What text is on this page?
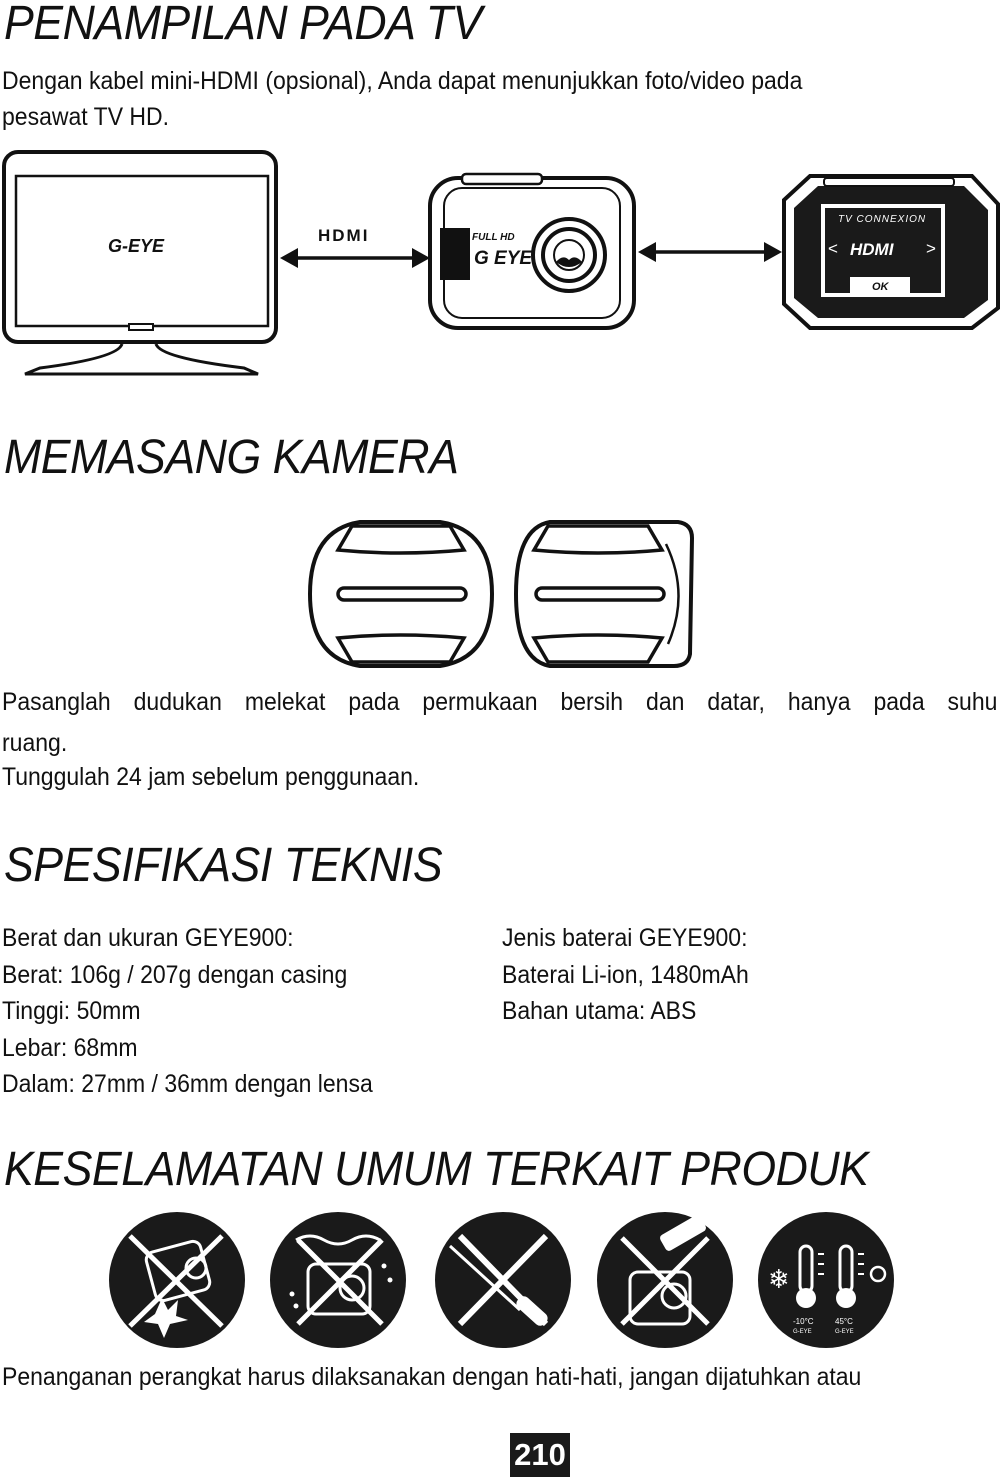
PENAMPILAN PADA TV

Dengan kabel mini-HDMI (opsional), Anda dapat menunjukkan foto/video pada

pesawat TV HD.

G-EYE
HDMI	FULL HD
G EYE
TV CONNEXION
< HDMI >
OK
MEMASANG KAMERA
Pasanglah dudukan melekat pada permukaan bersih dan datar, hanya pada suhu

ruang.

Tunggulah 24 jam sebelum penggunaan.

SPESIFIKASI TEKNIS
Berat dan ukuran GEYE900:
Berat: 106g / 207g dengan casing
Tinggi: 50mm
Lebar: 68mm
Dalam: 27mm / 36mm dengan lensa
Jenis baterai GEYE900:
Baterai Li-ion, 1480mAh
Bahan utama: ABS
KESELAMATAN UMUM TERKAIT PRODUK
❄
-10°C
G-EYE
45°C
G-EYE

Penanganan perangkat harus dilaksanakan dengan hati-hati, jangan dijatuhkan atau

210
